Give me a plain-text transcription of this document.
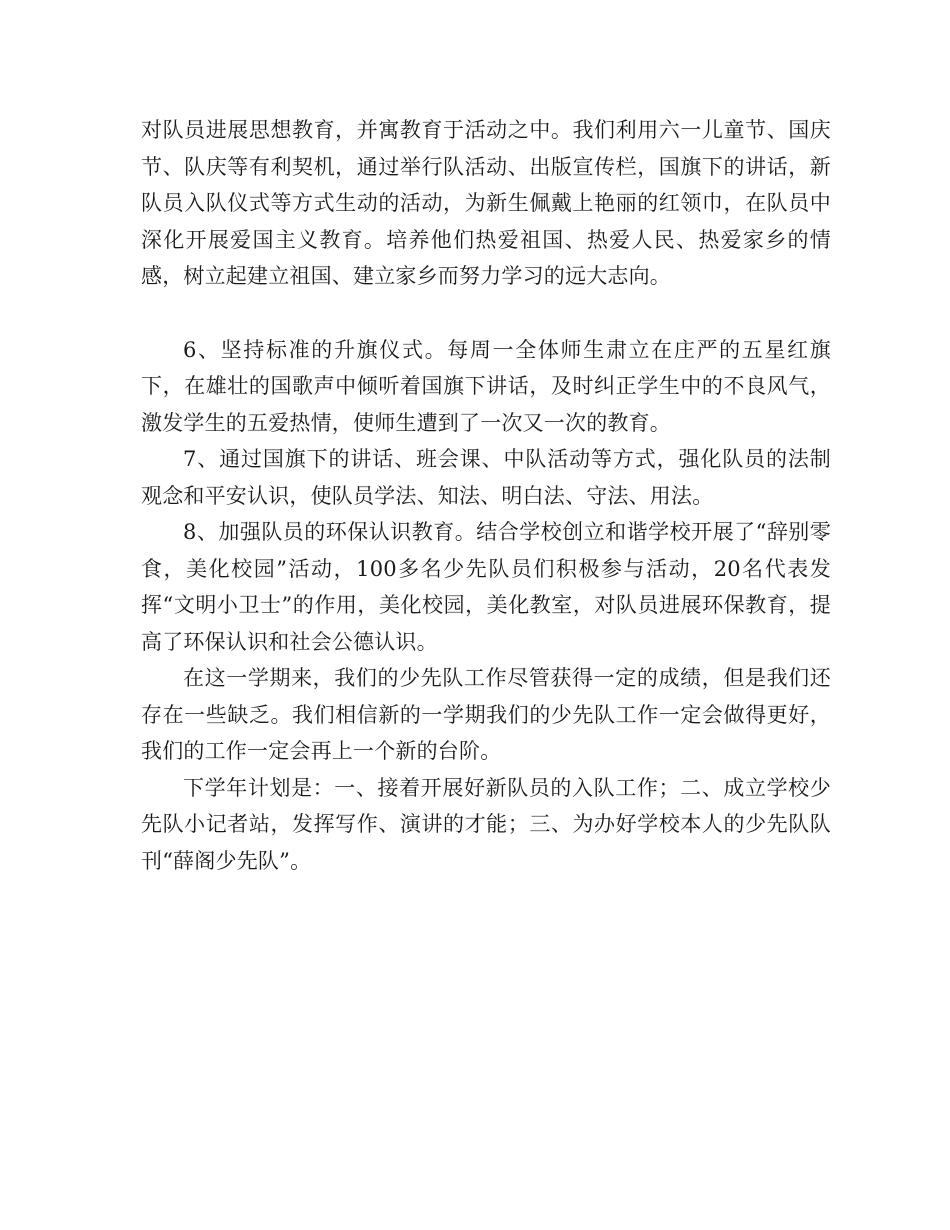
对队员进展思想教育，并寓教育于活动之中。我们利用六一儿童节、国庆节、队庆等有利契机，通过举行队活动、出版宣传栏，国旗下的讲话，新队员入队仪式等方式生动的活动，为新生佩戴上艳丽的红领巾，在队员中深化开展爱国主义教育。培养他们热爱祖国、热爱人民、热爱家乡的情感，树立起建立祖国、建立家乡而努力学习的远大志向。

6、坚持标准的升旗仪式。每周一全体师生肃立在庄严的五星红旗下，在雄壮的国歌声中倾听着国旗下讲话，及时纠正学生中的不良风气，激发学生的五爱热情，使师生遭到了一次又一次的教育。

7、通过国旗下的讲话、班会课、中队活动等方式，强化队员的法制观念和平安认识，使队员学法、知法、明白法、守法、用法。

8、加强队员的环保认识教育。结合学校创立和谐学校开展了“辞别零食，美化校园”活动，100多名少先队员们积极参与活动，20名代表发挥“文明小卫士”的作用，美化校园，美化教室，对队员进展环保教育，提高了环保认识和社会公德认识。

在这一学期来，我们的少先队工作尽管获得一定的成绩，但是我们还存在一些缺乏。我们相信新的一学期我们的少先队工作一定会做得更好，我们的工作一定会再上一个新的台阶。

下学年计划是：一、接着开展好新队员的入队工作；二、成立学校少先队小记者站，发挥写作、演讲的才能；三、为办好学校本人的少先队队刊“薛阁少先队”。
